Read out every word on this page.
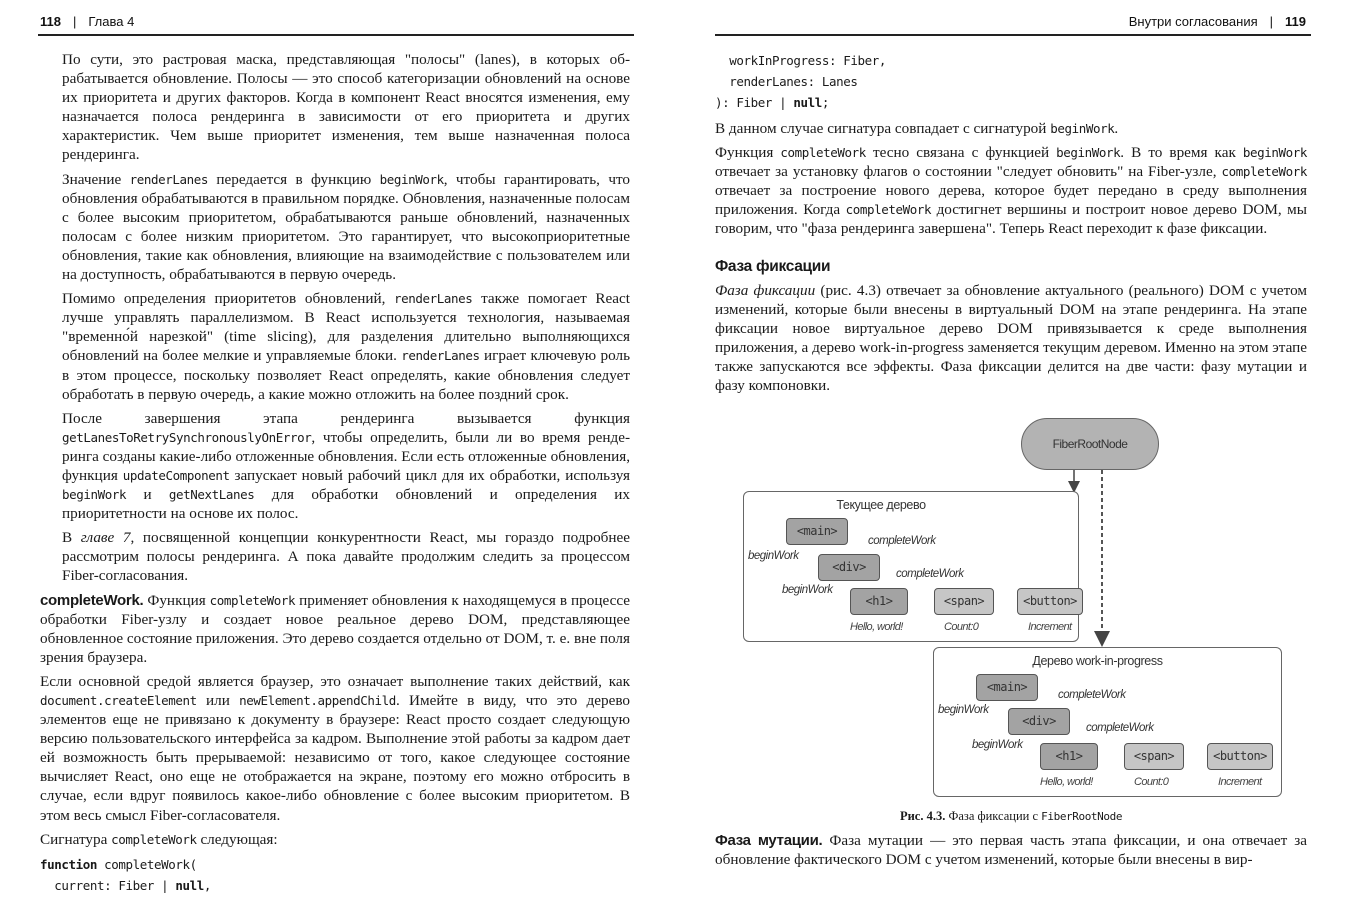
118 | Глава 4

По сути, это растровая маска, представляющая "полосы" (lanes), в которых обрабатывается обновление. Полосы — это способ категоризации обновлений на основе их приоритета и других факторов. Когда в компонент React вносятся изменения, ему назначается полоса рендеринга в зависимости от его приоритета и других характеристик. Чем выше приоритет изменения, тем выше назначенная полоса рендеринга.

Значение renderLanes передается в функцию beginWork, чтобы гарантировать, что обновления обрабатываются в правильном порядке. Обновления, назначенные полосам с более высоким приоритетом, обрабатываются раньше обновлений, назначенных полосам с более низким приоритетом. Это гарантирует, что высокоприоритетные обновления, такие как обновления, влияющие на взаимодействие с пользователем или на доступность, обрабатываются в первую очередь.

Помимо определения приоритетов обновлений, renderLanes также помогает React лучше управлять параллелизмом. В React используется технология, называемая "временно́й нарезкой" (time slicing), для разделения длительно выполняющихся обновлений на более мелкие и управляемые блоки. renderLanes играет ключевую роль в этом процессе, поскольку позволяет React определять, какие обновления следует обработать в первую очередь, а какие можно отложить на более поздний срок.

После завершения этапа рендеринга вызывается функция getLanesToRetrySynchronouslyOnError, чтобы определить, были ли во время рендеринга созданы какие-либо отложенные обновления. Если есть отложенные обновления, функция updateComponent запускает новый рабочий цикл для их обработки, используя beginWork и getNextLanes для обработки обновлений и определения их приоритетности на основе их полос.

В главе 7, посвященной концепции конкурентности React, мы гораздо подробнее рассмотрим полосы рендеринга. А пока давайте продолжим следить за процессом Fiber-согласования.

completeWork. Функция completeWork применяет обновления к находящемуся в процессе обработки Fiber-узлу и создает новое реальное дерево DOM, представляющее обновленное состояние приложения. Это дерево создается отдельно от DOM, т. е. вне поля зрения браузера.

Если основной средой является браузер, это означает выполнение таких действий, как document.createElement или newElement.appendChild. Имейте в виду, что это дерево элементов еще не привязано к документу в браузере: React просто создает следующую версию пользовательского интерфейса за кадром. Выполнение этой работы за кадром дает ей возможность быть прерываемой: независимо от того, какое следующее состояние вычисляет React, оно еще не отображается на экране, поэтому его можно отбросить в случае, если вдруг появилось какое-либо обновление с более высоким приоритетом. В этом весь смысл Fiber-согласователя.

Сигнатура completeWork следующая:

function completeWork(
current: Fiber | null,
Внутри согласования | 119
workInProgress: Fiber,
renderLanes: Lanes
): Fiber | null;

В данном случае сигнатура совпадает с сигнатурой beginWork.

Функция completeWork тесно связана с функцией beginWork. В то время как beginWork отвечает за установку флагов о состоянии "следует обновить" на Fiber-узле, completeWork отвечает за построение нового дерева, которое будет передано в среду выполнения приложения. Когда completeWork достигнет вершины и построит новое дерево DOM, мы говорим, что "фаза рендеринга завершена". Теперь React переходит к фазе фиксации.

Фаза фиксации

Фаза фиксации (рис. 4.3) отвечает за обновление актуального (реального) DOM с учетом изменений, которые были внесены в виртуальный DOM на этапе рендеринга. На этапе фиксации новое виртуальное дерево DOM привязывается к среде выполнения приложения, а дерево work-in-progress заменяется текущим деревом. Именно на этом этапе также запускаются все эффекты. Фаза фиксации делится на две части: фазу мутации и фазу компоновки.

FiberRootNode
Текущее дерево
<main>
<div>
<h1>	<span>	<button>
beginWork
beginWork
completeWork
completeWork
Hello, world!	Count:0	Increment
Дерево work-in-progress
<main>
<div>
<h1>	<span>	<button>
beginWork
beginWork
completeWork
completeWork
Hello, world!	Count:0	Increment
Рис. 4.3. Фаза фиксации с FiberRootNode

Фаза мутации. Фаза мутации — это первая часть этапа фиксации, и она отвечает за обновление фактического DOM с учетом изменений, которые были внесены в вир-
